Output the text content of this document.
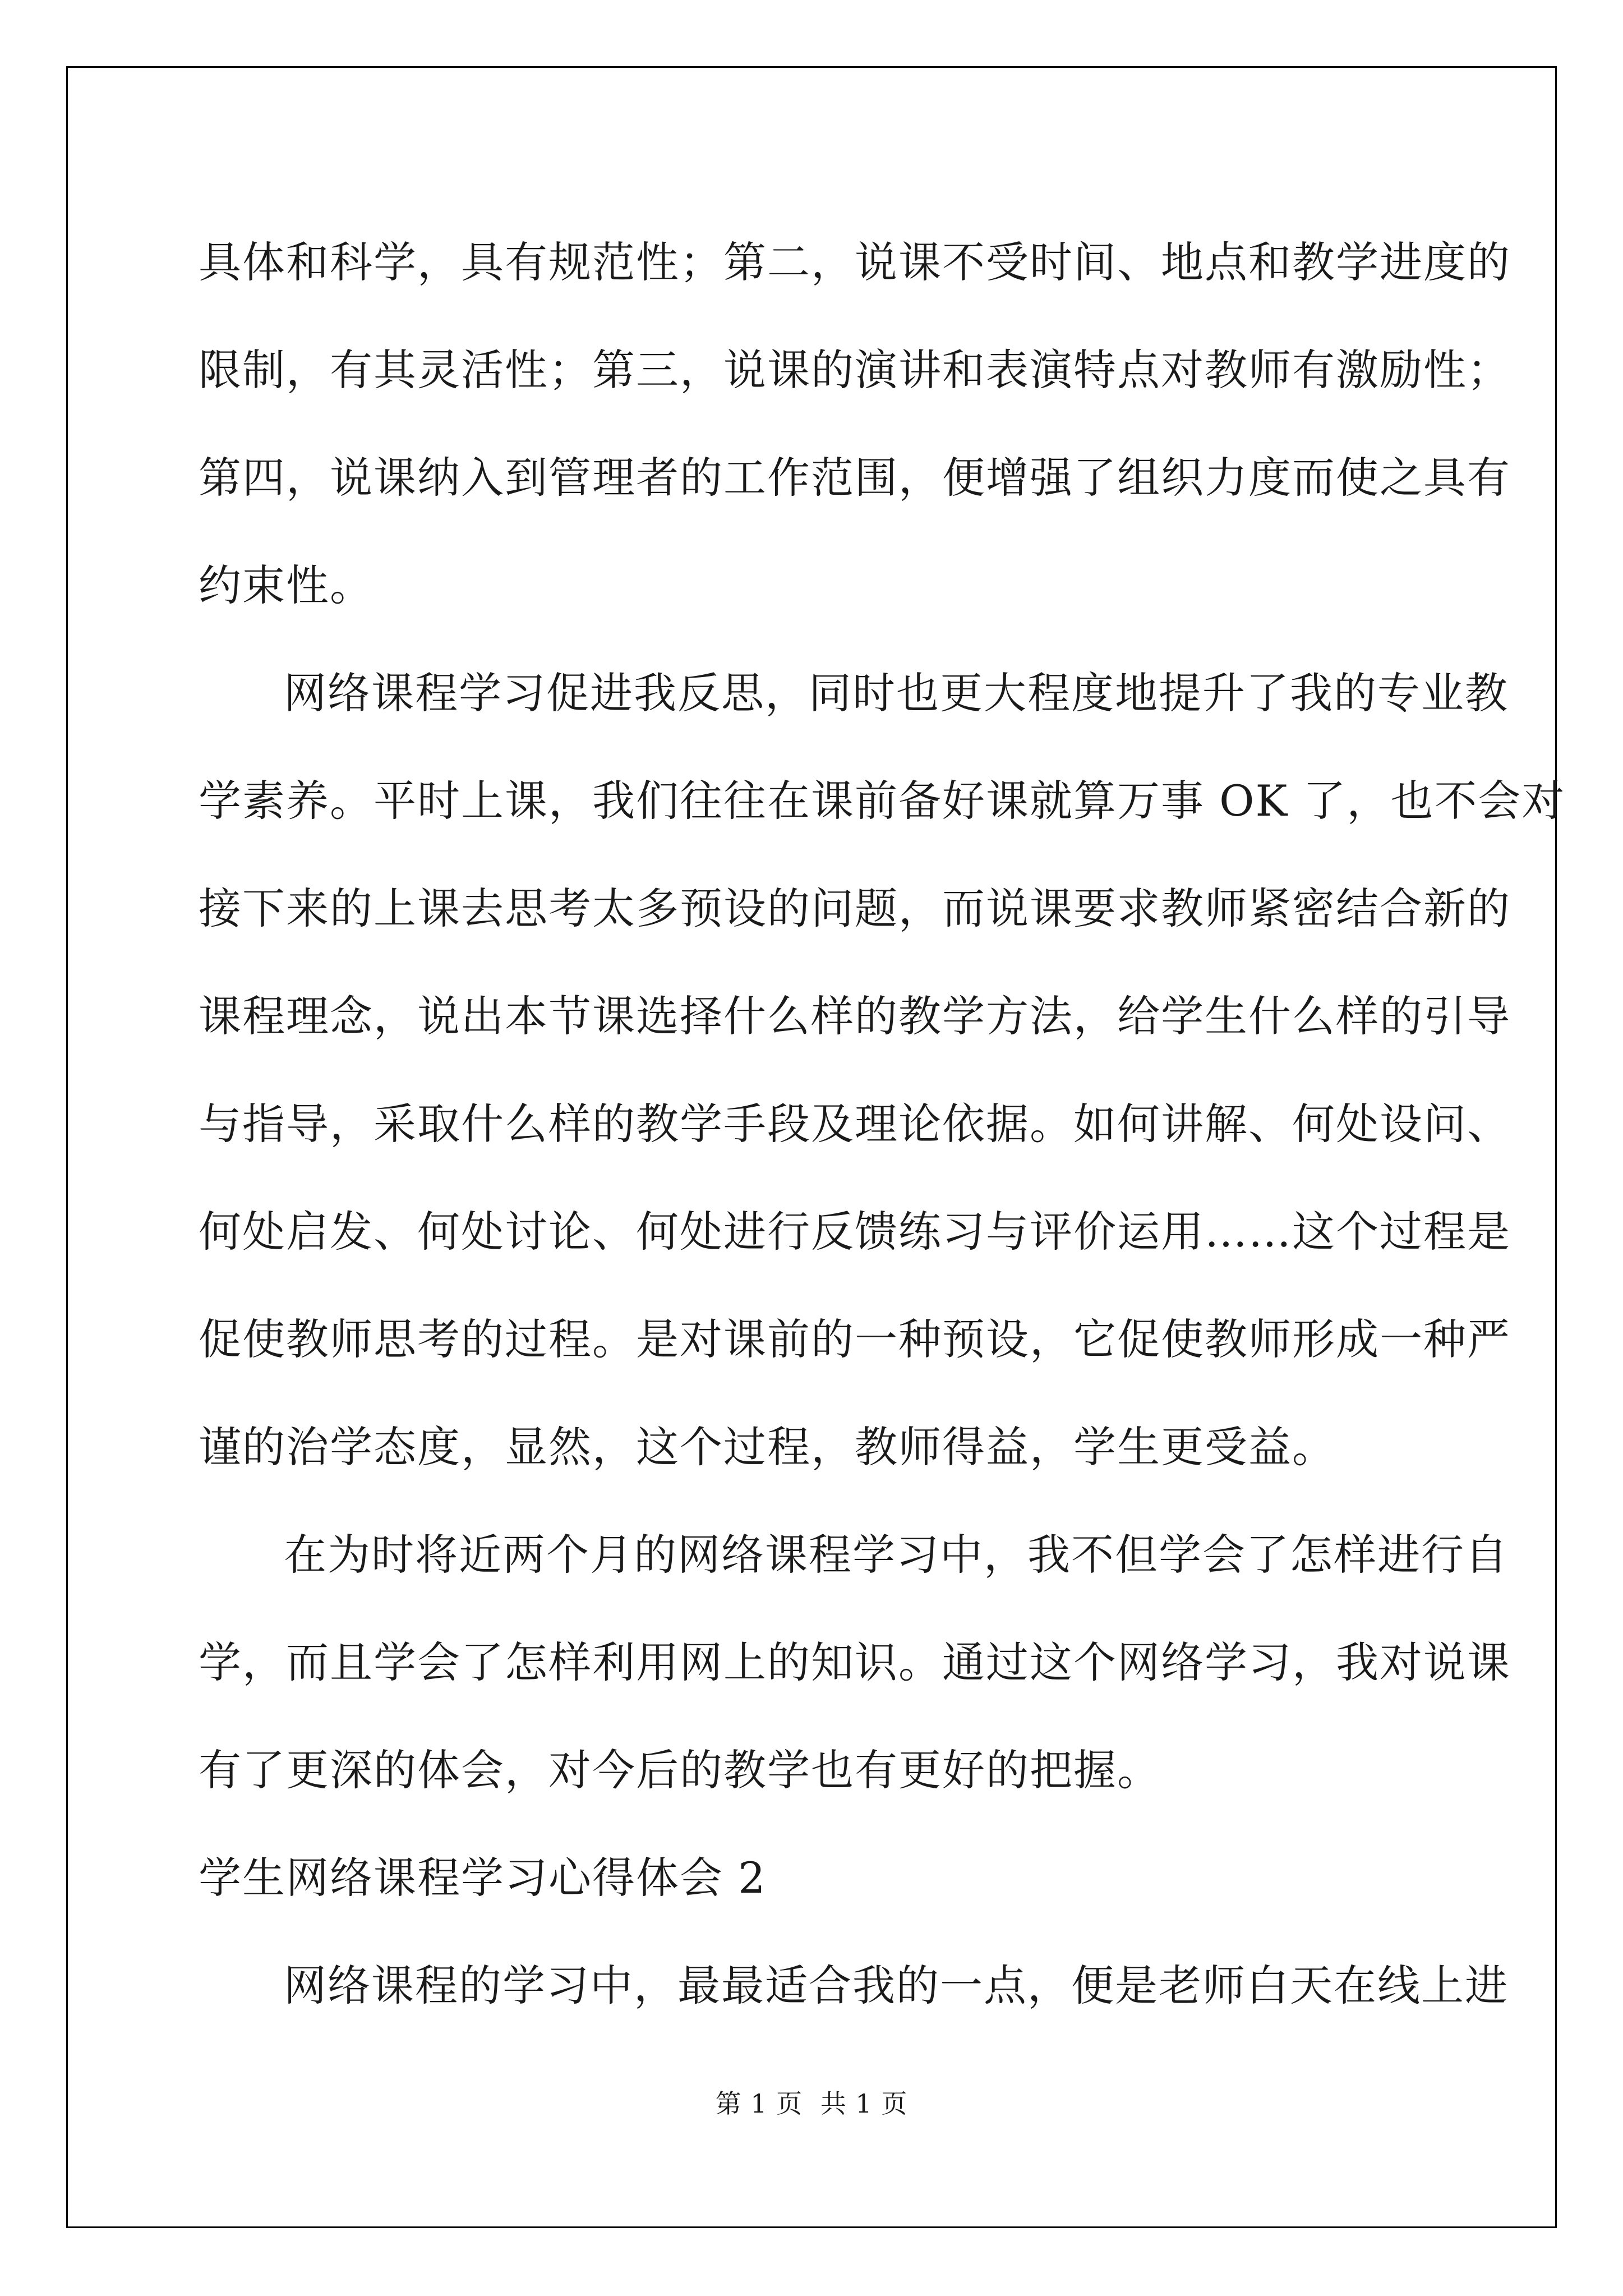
具体和科学，具有规范性；第二，说课不受时间、地点和教学进度的
限制，有其灵活性；第三，说课的演讲和表演特点对教师有激励性；
第四，说课纳入到管理者的工作范围，便增强了组织力度而使之具有
约束性。
网络课程学习促进我反思，同时也更大程度地提升了我的专业教
学素养。平时上课，我们往往在课前备好课就算万事 OK 了，也不会对
接下来的上课去思考太多预设的问题，而说课要求教师紧密结合新的
课程理念，说出本节课选择什么样的教学方法，给学生什么样的引导
与指导，采取什么样的教学手段及理论依据。如何讲解、何处设问、
何处启发、何处讨论、何处进行反馈练习与评价运用……这个过程是
促使教师思考的过程。是对课前的一种预设，它促使教师形成一种严
谨的治学态度，显然，这个过程，教师得益，学生更受益。
在为时将近两个月的网络课程学习中，我不但学会了怎样进行自
学，而且学会了怎样利用网上的知识。通过这个网络学习，我对说课
有了更深的体会，对今后的教学也有更好的把握。
学生网络课程学习心得体会 2
网络课程的学习中，最最适合我的一点，便是老师白天在线上进
第 1 页 共 1 页
